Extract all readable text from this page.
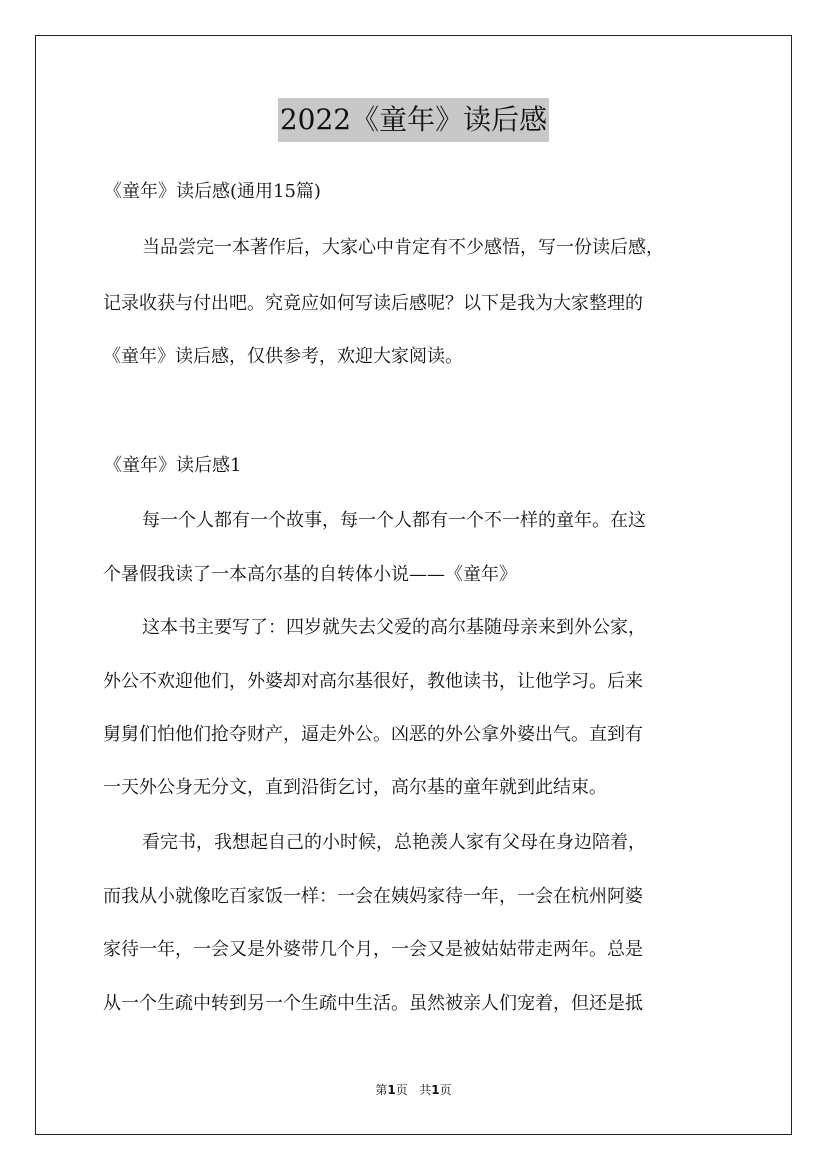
2022《童年》读后感
《童年》读后感(通用15篇)
当品尝完一本著作后，大家心中肯定有不少感悟，写一份读后感，
记录收获与付出吧。究竟应如何写读后感呢？以下是我为大家整理的
《童年》读后感，仅供参考，欢迎大家阅读。
《童年》读后感1
每一个人都有一个故事，每一个人都有一个不一样的童年。在这
个暑假我读了一本高尔基的自转体小说——《童年》
这本书主要写了：四岁就失去父爱的高尔基随母亲来到外公家，
外公不欢迎他们，外婆却对高尔基很好，教他读书，让他学习。后来
舅舅们怕他们抢夺财产，逼走外公。凶恶的外公拿外婆出气。直到有
一天外公身无分文，直到沿街乞讨，高尔基的童年就到此结束。
看完书，我想起自己的小时候，总艳羡人家有父母在身边陪着，
而我从小就像吃百家饭一样：一会在姨妈家待一年，一会在杭州阿婆
家待一年，一会又是外婆带几个月，一会又是被姑姑带走两年。总是
从一个生疏中转到另一个生疏中生活。虽然被亲人们宠着，但还是抵
第1页 共1页
